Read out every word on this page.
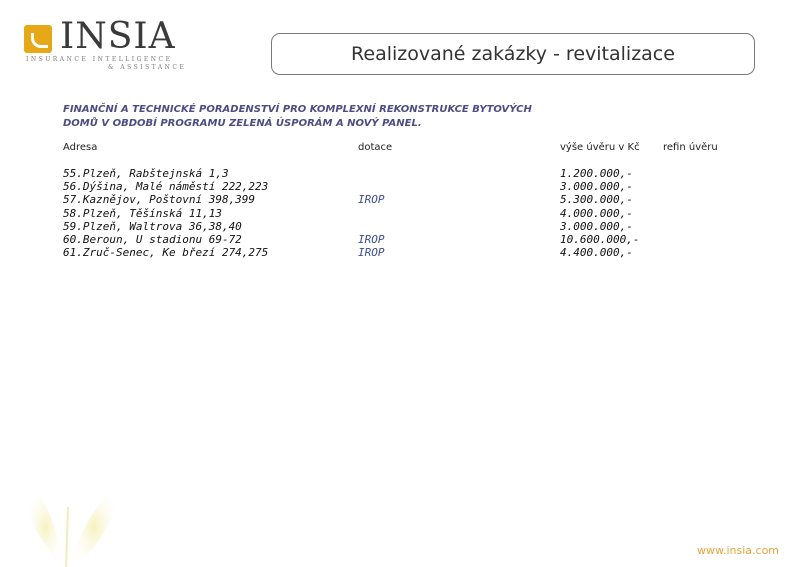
INSIA
INSURANCE INTELLIGENCE
& ASSISTANCE
Realizované zakázky - revitalizace
FINANČNÍ A TECHNICKÉ PORADENSTVÍ PRO KOMPLEXNÍ REKONSTRUKCE BYTOVÝCH
DOMŮ V OBDOBÍ PROGRAMU ZELENÁ ÚSPORÁM A NOVÝ PANEL.
Adresa	dotace	výše úvěru v Kč refin úvěru
55.Plzeň, Rabštejnská 1,3
56.Dýšina, Malé náměstí 222,223
57.Kaznějov, Poštovní 398,399
58.Plzeň, Těšínská 11,13
59.Plzeň, Waltrova 36,38,40
60.Beroun, U stadionu 69-72
61.Zruč-Senec, Ke březí 274,275
IROP
IROP
IROP
1.200.000,-
3.000.000,-
5.300.000,-
4.000.000,-
3.000.000,-
10.600.000,-
4.400.000,-
www.insia.com
